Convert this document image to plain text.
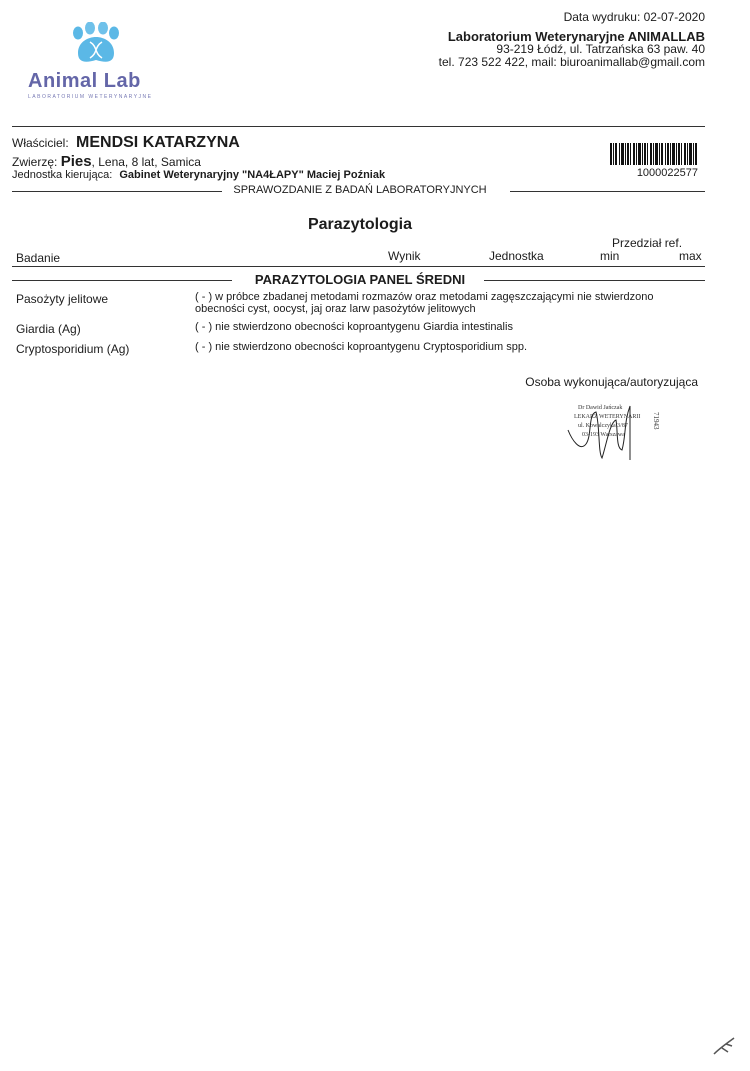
Animal Lab
LABORATORIUM WETERYNARYJNE
Data wydruku: 02-07-2020
Laboratorium Weterynaryjne ANIMALLAB
93-219 Łódź, ul. Tatrzańska 63 paw. 40
tel. 723 522 422, mail: biuroanimallab@gmail.com
Właściciel: MENDSI KATARZYNA
Zwierzę: Pies, Lena, 8 lat, Samica
Jednostka kierująca: Gabinet Weterynaryjny "NA4ŁAPY" Maciej Poźniak	1000022577
SPRAWOZDANIE Z BADAŃ LABORATORYJNYCH
Parazytologia
Badanie	Wynik	Jednostka
Przedział ref.
min	max
PARAZYTOLOGIA PANEL ŚREDNI
Pasożyty jelitowe	( - ) w próbce zbadanej metodami rozmazów oraz metodami zagęszczającymi nie stwierdzono
obecności cyst, oocyst, jaj oraz larw pasożytów jelitowych
Giardia (Ag)	( - ) nie stwierdzono obecności koproantygenu Giardia intestinalis
Cryptosporidium (Ag)	( - ) nie stwierdzono obecności koproantygenu Cryptosporidium spp.
Osoba wykonująca/autoryzująca
Dr Dawid Jańczak
LEKARZ WETERYNARII
ul. Kowalczyka 3/87
03-193 Warszawa
71943
